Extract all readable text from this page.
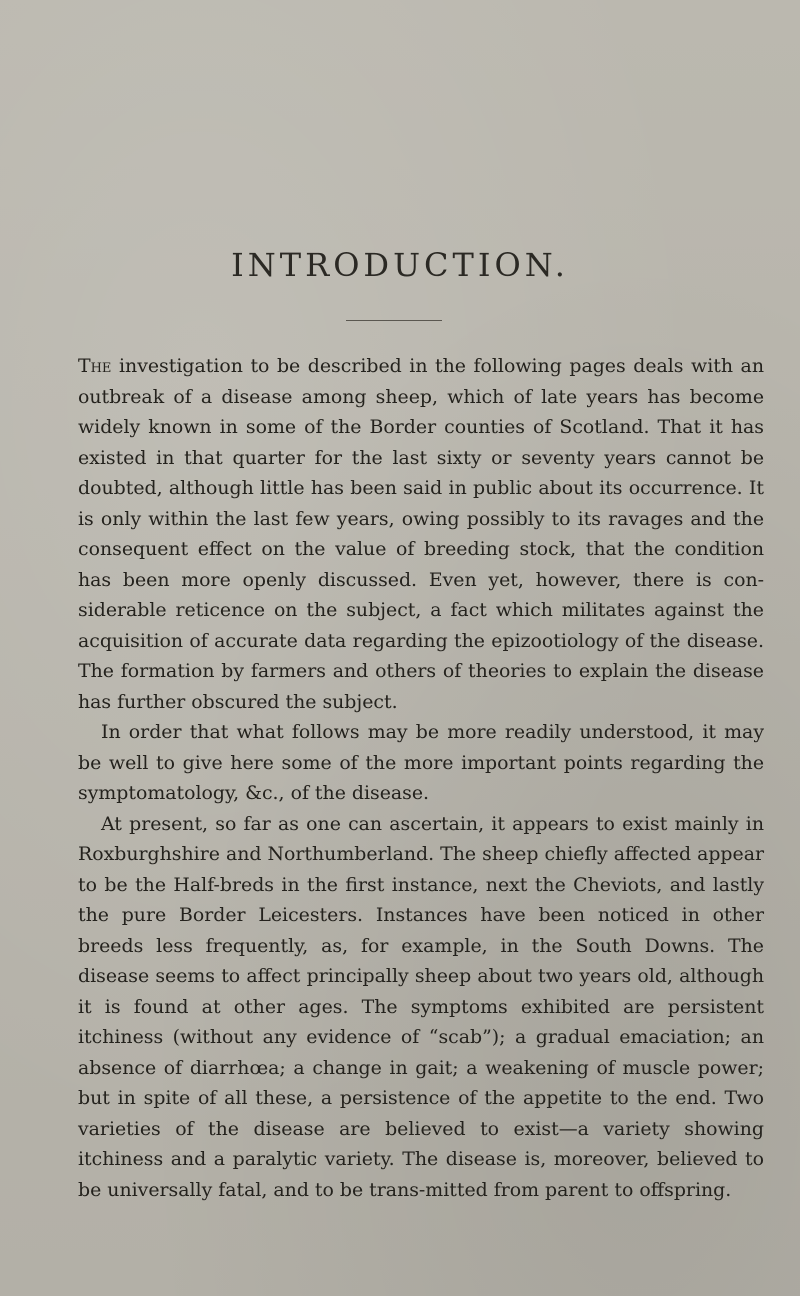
INTRODUCTION.

The investigation to be described in the following pages deals with an outbreak of a disease among sheep, which of late years has become widely known in some of the Border counties of Scotland. That it has existed in that quarter for the last sixty or seventy years cannot be doubted, although little has been said in public about its occurrence. It is only within the last few years, owing possibly to its ravages and the consequent effect on the value of breeding stock, that the condition has been more openly discussed. Even yet, however, there is con-siderable reticence on the subject, a fact which militates against the acquisition of accurate data regarding the epizootiology of the disease. The formation by farmers and others of theories to explain the disease has further obscured the subject.

In order that what follows may be more readily understood, it may be well to give here some of the more important points regarding the symptomatology, &c., of the disease.

At present, so far as one can ascertain, it appears to exist mainly in Roxburghshire and Northumberland. The sheep chiefly affected appear to be the Half-breds in the first instance, next the Cheviots, and lastly the pure Border Leicesters. Instances have been noticed in other breeds less frequently, as, for example, in the South Downs. The disease seems to affect principally sheep about two years old, although it is found at other ages. The symptoms exhibited are persistent itchiness (without any evidence of “scab”); a gradual emaciation; an absence of diarrhœa; a change in gait; a weakening of muscle power; but in spite of all these, a persistence of the appetite to the end. Two varieties of the disease are believed to exist—a variety showing itchiness and a paralytic variety. The disease is, moreover, believed to be universally fatal, and to be trans-mitted from parent to offspring.
